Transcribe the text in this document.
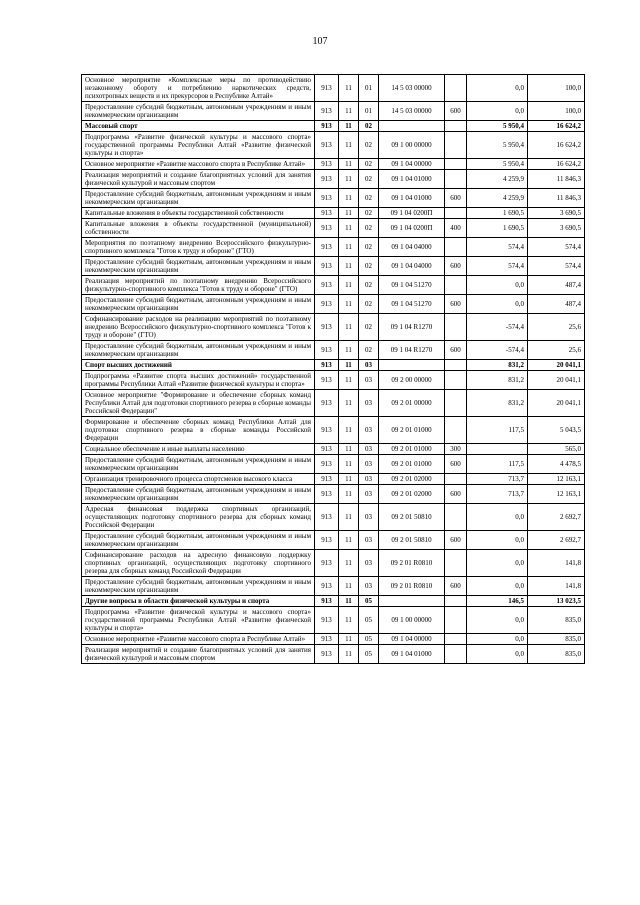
107
Основное мероприятие «Комплексные меры по противодействию незаконному обороту и потреблению наркотических средств, психотропных веществ и их прекурсоров в Республике Алтай»	913	11	01	14 5 03 00000		0,0	100,0
Предоставление субсидий бюджетным, автономным учреждениям и иным некоммерческим организациям	913	11	01	14 5 03 00000	600	0,0	100,0
Массовый спорт	913	11	02			5 950,4	16 624,2
Подпрограмма «Развитие физической культуры и массового спорта» государственной программы Республики Алтай «Развитие физической культуры и спорта»	913	11	02	09 1 00 00000		5 950,4	16 624,2
Основное мероприятие «Развитие массового спорта в Республике Алтай»	913	11	02	09 1 04 00000		5 950,4	16 624,2
Реализация мероприятий и создание благоприятных условий для занятия физической культурой и массовым спортом	913	11	02	09 1 04 01000		4 259,9	11 846,3
Предоставление субсидий бюджетным, автономным учреждениям и иным некоммерческим организациям	913	11	02	09 1 04 01000	600	4 259,9	11 846,3
Капитальные вложения в объекты государственной собственности	913	11	02	09 1 04 0200П		1 690,5	3 690,5
Капитальные вложения в объекты государственной (муниципальной) собственности	913	11	02	09 1 04 0200П	400	1 690,5	3 690,5
Мероприятия по поэтапному внедрению Всероссийского физкультурно-спортивного комплекса "Готов к труду и обороне" (ГТО)	913	11	02	09 1 04 04000		574,4	574,4
Предоставление субсидий бюджетным, автономным учреждениям и иным некоммерческим организациям	913	11	02	09 1 04 04000	600	574,4	574,4
Реализация мероприятий по поэтапному внедрению Всероссийского физкультурно-спортивного комплекса "Готов к труду и обороне" (ГТО)	913	11	02	09 1 04 51270		0,0	487,4
Предоставление субсидий бюджетным, автономным учреждениям и иным некоммерческим организациям	913	11	02	09 1 04 51270	600	0,0	487,4
Софинансирование расходов на реализацию мероприятий по поэтапному внедрению Всероссийского физкультурно-спортивного комплекса "Готов к труду и обороне" (ГТО)	913	11	02	09 1 04 R1270		-574,4	25,6
Предоставление субсидий бюджетным, автономным учреждениям и иным некоммерческим организациям	913	11	02	09 1 04 R1270	600	-574,4	25,6
Спорт высших достижений	913	11	03			831,2	20 041,1
Подпрограмма «Развитие спорта высших достижений» государственной программы Республики Алтай «Развитие физической культуры и спорта»	913	11	03	09 2 00 00000		831,2	20 041,1
Основное мероприятие "Формирование и обеспечение сборных команд Республики Алтай для подготовки спортивного резерва в сборные команды Российской Федерации"	913	11	03	09 2 01 00000		831,2	20 041,1
Формирование и обеспечение сборных команд Республики Алтай для подготовки спортивного резерва в сборные команды Российской Федерации	913	11	03	09 2 01 01000		117,5	5 043,5
Социальное обеспечение и иные выплаты населению	913	11	03	09 2 01 01000	300		565,0
Предоставление субсидий бюджетным, автономным учреждениям и иным некоммерческим организациям	913	11	03	09 2 01 01000	600	117,5	4 478,5
Организация тренировочного процесса спортсменов высокого класса	913	11	03	09 2 01 02000		713,7	12 163,1
Предоставление субсидий бюджетным, автономным учреждениям и иным некоммерческим организациям	913	11	03	09 2 01 02000	600	713,7	12 163,1
Адресная финансовая поддержка спортивных организаций, осуществляющих подготовку спортивного резерва для сборных команд Российской Федерации	913	11	03	09 2 01 50810		0,0	2 692,7
Предоставление субсидий бюджетным, автономным учреждениям и иным некоммерческим организациям	913	11	03	09 2 01 50810	600	0,0	2 692,7
Софинансирование расходов на адресную финансовую поддержку спортивных организаций, осуществляющих подготовку спортивного резерва для сборных команд Российской Федерации	913	11	03	09 2 01 R0810		0,0	141,8
Предоставление субсидий бюджетным, автономным учреждениям и иным некоммерческим организациям	913	11	03	09 2 01 R0810	600	0,0	141,8
Другие вопросы в области физической культуры и спорта	913	11	05			146,5	13 023,5
Подпрограмма «Развитие физической культуры и массового спорта» государственной программы Республики Алтай «Развитие физической культуры и спорта»	913	11	05	09 1 00 00000		0,0	835,0
Основное мероприятие «Развитие массового спорта в Республике Алтай»	913	11	05	09 1 04 00000		0,0	835,0
Реализация мероприятий и создание благоприятных условий для занятия физической культурой и массовым спортом	913	11	05	09 1 04 01000		0,0	835,0
